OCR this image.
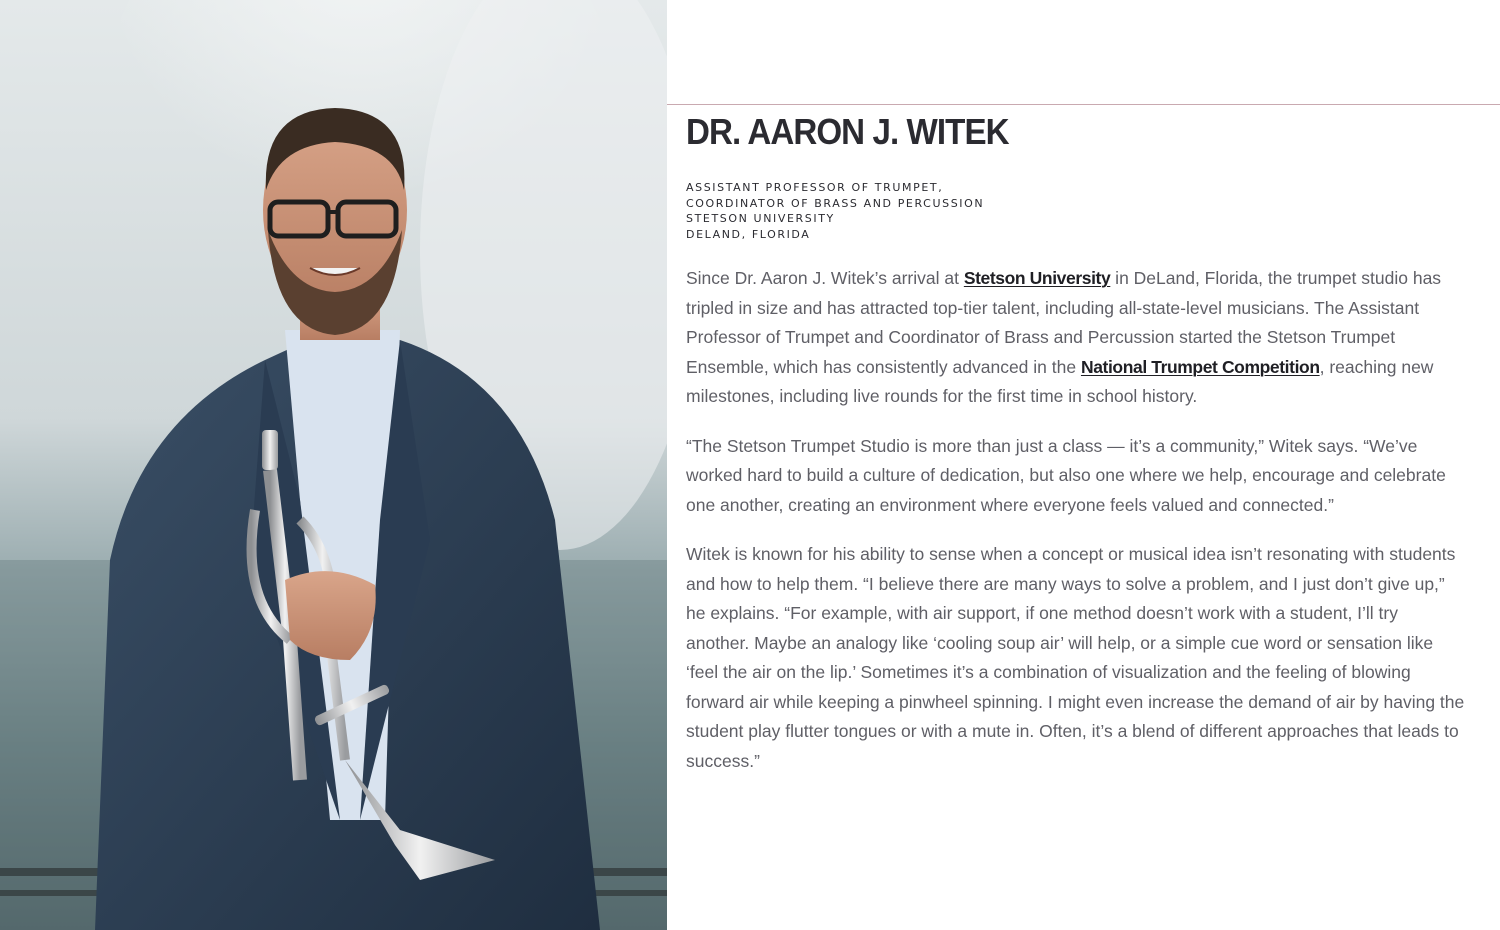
DR. AARON J. WITEK
ASSISTANT PROFESSOR OF TRUMPET,
COORDINATOR OF BRASS AND PERCUSSION
STETSON UNIVERSITY
DELAND, FLORIDA

Since Dr. Aaron J. Witek’s arrival at Stetson University in DeLand, Florida, the trumpet studio has tripled in size and has attracted top-tier talent, including all-state-level musicians. The Assistant Professor of Trumpet and Coordinator of Brass and Percussion started the Stetson Trumpet Ensemble, which has consistently advanced in the National Trumpet Competition, reaching new milestones, including live rounds for the first time in school history.

“The Stetson Trumpet Studio is more than just a class — it’s a community,” Witek says. “We’ve worked hard to build a culture of dedication, but also one where we help, encourage and celebrate one another, creating an environment where everyone feels valued and connected.”

Witek is known for his ability to sense when a concept or musical idea isn’t resonating with students and how to help them. “I believe there are many ways to solve a problem, and I just don’t give up,” he explains. “For example, with air support, if one method doesn’t work with a student, I’ll try another. Maybe an analogy like ‘cooling soup air’ will help, or a simple cue word or sensation like ‘feel the air on the lip.’ Sometimes it’s a combination of visualization and the feeling of blowing forward air while keeping a pinwheel spinning. I might even increase the demand of air by having the student play flutter tongues or with a mute in. Often, it’s a blend of different approaches that leads to success.”
